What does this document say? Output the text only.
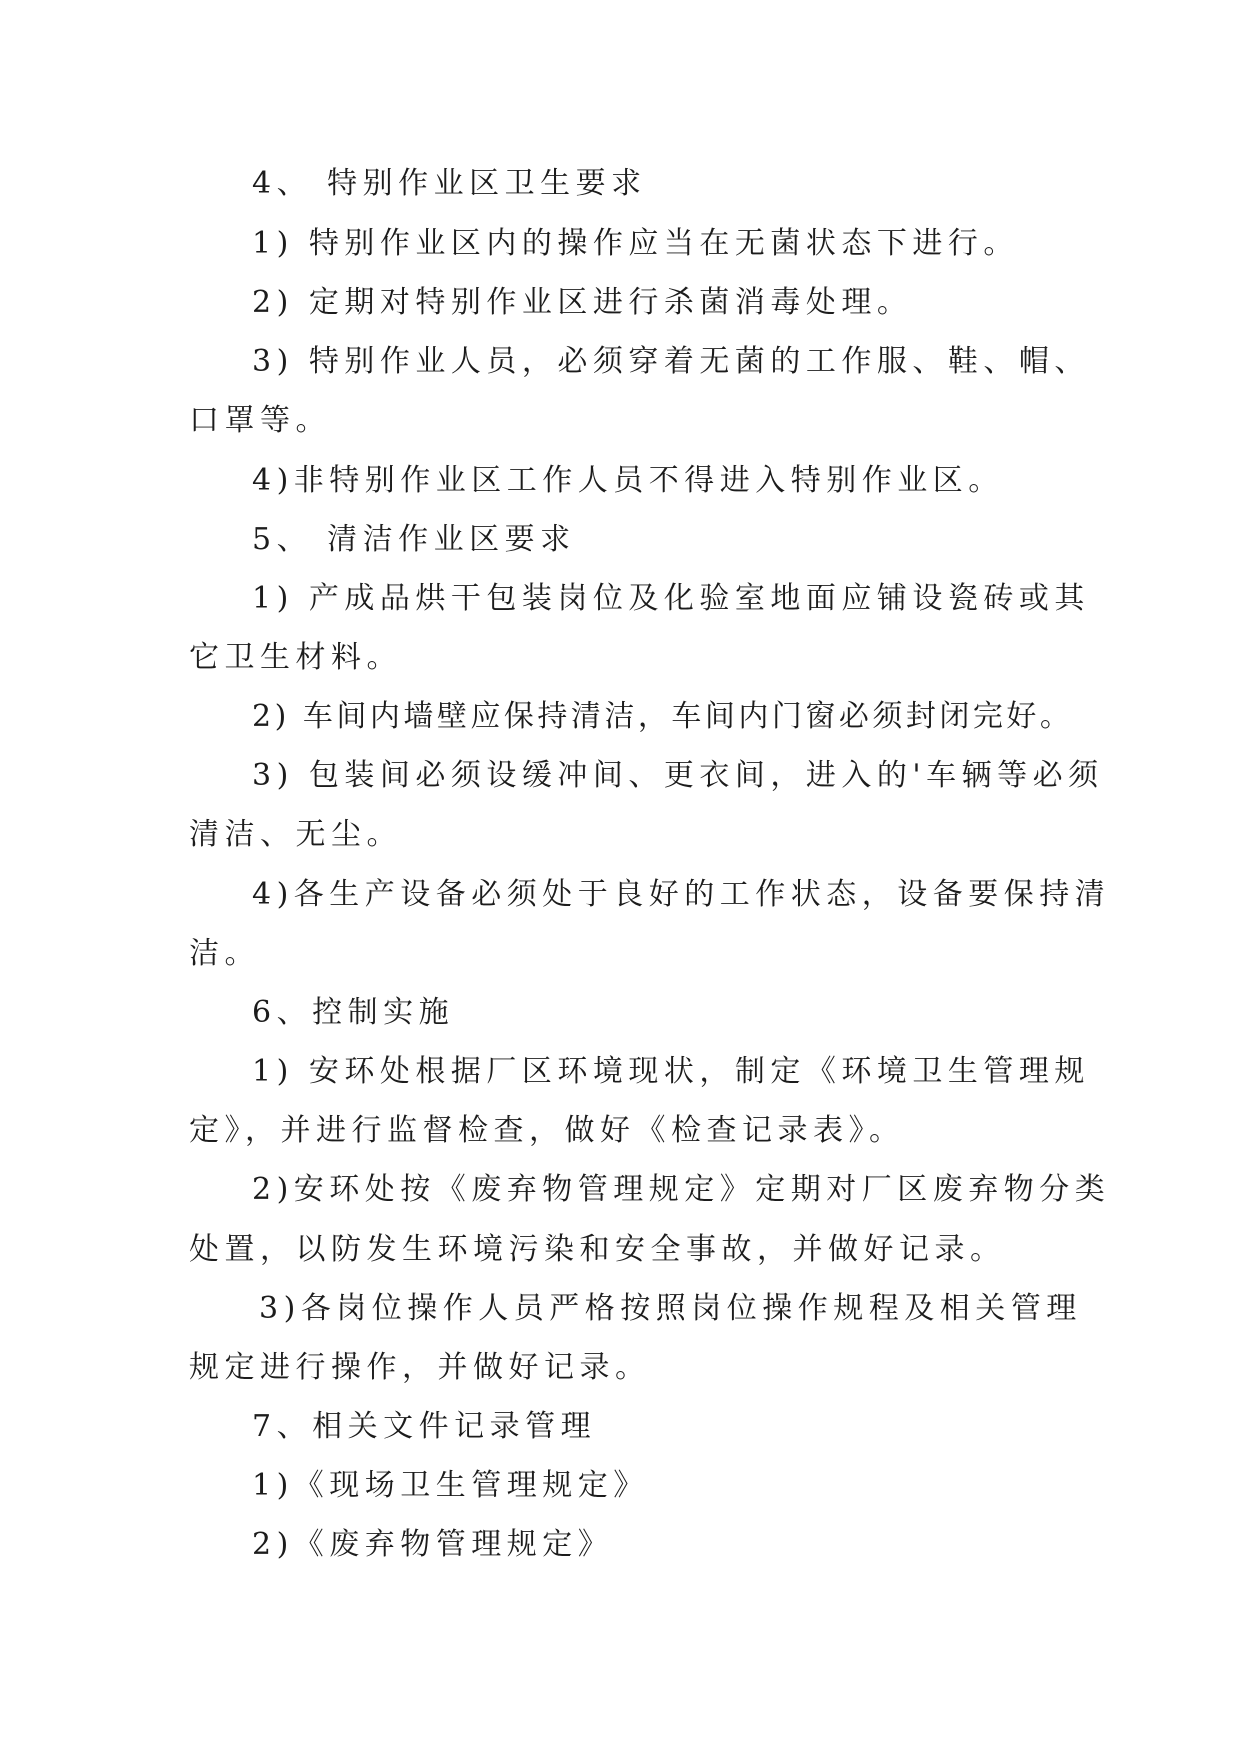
4、 特别作业区卫生要求
1) 特别作业区内的操作应当在无菌状态下进行。
2) 定期对特别作业区进行杀菌消毒处理。
3) 特别作业人员，必须穿着无菌的工作服、鞋、帽、
口罩等。
4)非特别作业区工作人员不得进入特别作业区。
5、 清洁作业区要求
1) 产成品烘干包装岗位及化验室地面应铺设瓷砖或其
它卫生材料。
2) 车间内墙壁应保持清洁，车间内门窗必须封闭完好。
3) 包装间必须设缓冲间、更衣间，进入的'车辆等必须
清洁、无尘。
4)各生产设备必须处于良好的工作状态，设备要保持清
洁。
6、控制实施
1) 安环处根据厂区环境现状，制定《环境卫生管理规
定》，并进行监督检查，做好《检查记录表》。
2)安环处按《废弃物管理规定》定期对厂区废弃物分类
处置，以防发生环境污染和安全事故，并做好记录。
3)各岗位操作人员严格按照岗位操作规程及相关管理
规定进行操作，并做好记录。
7、相关文件记录管理
1)《现场卫生管理规定》
2)《废弃物管理规定》
